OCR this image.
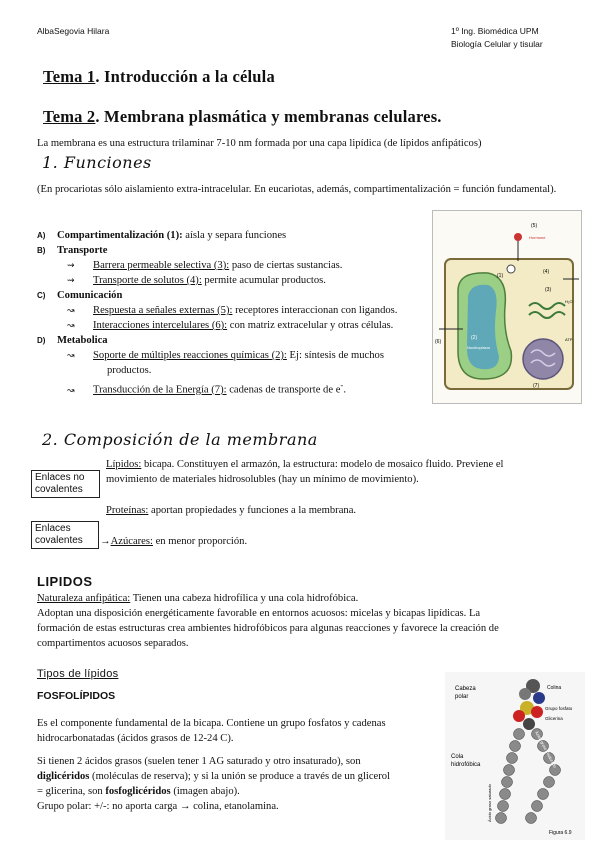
AlbaSegovia Hilara	1º Ing. Biomédica UPM
Biología Celular y tisular
Tema 1. Introducción a la célula
Tema 2. Membrana plasmática y membranas celulares.
La membrana es una estructura trilaminar 7-10 nm formada por una capa lipídica (de lípidos anfipáticos)
1. Funciones
(En procariotas sólo aislamiento extra-intracelular. En eucariotas, además, compartimentalización = función fundamental).
A) Compartimentalización (1): aísla y separa funciones
B) Transporte
⇝ Barrera permeable selectiva (3): paso de ciertas sustancias.
⇝ Transporte de solutos (4): permite acumular productos.
C) Comunicación
↝ Respuesta a señales externas (5): receptores interaccionan con ligandos.
↝ Interacciones intercelulares (6): con matriz extracelular y otras células.
D) Metabolica
↝ Soporte de múltiples reacciones químicas (2): Ej: síntesis de muchos
productos.
↝ Transducción de la Energía (7): cadenas de transporte de e-.
(5)
Hormone
(4)
(3)
(1)
(2)
Nucleoplasm
(6)
(7)
H₂O
ATP
2. Composición de la membrana
Enlaces no
covalentes
Lípidos: bicapa. Constituyen el armazón, la estructura: modelo de mosaico fluido. Previene el
movimiento de materiales hidrosolubles (hay un mínimo de movimiento).
Proteínas: aportan propiedades y funciones a la membrana.
Enlaces
covalentes	→Azúcares: en menor proporción.
LIPIDOS
Naturaleza anfipática: Tienen una cabeza hidrofílica y una cola hidrofóbica.
Adoptan una disposición energéticamente favorable en entornos acuosos: micelas y bicapas lipídicas. La
formación de estas estructuras crea ambientes hidrofóbicos para algunas reacciones y favorece la creación de
compartimentos acuosos separados.
Tipos de lípidos
FOSFOLÍPIDOS
Es el componente fundamental de la bicapa. Contiene un grupo fosfatos y cadenas
hidrocarbonatadas (ácidos grasos de 12-24 C).
Si tienen 2 ácidos grasos (suelen tener 1 AG saturado y otro insaturado), son
diglicéridos (moléculas de reserva); y si la unión se produce a través de un glicerol
= glicerina, son fosfoglicéridos (imagen abajo).
Grupo polar: +/-: no aporta carga → colina, etanolamina.
Cabeza
polar
Colina
Grupo fosfato
Glicerina
Cola
hidrofóbica
Ácido graso saturado
Ácido graso insaturado
Figura 6.9
